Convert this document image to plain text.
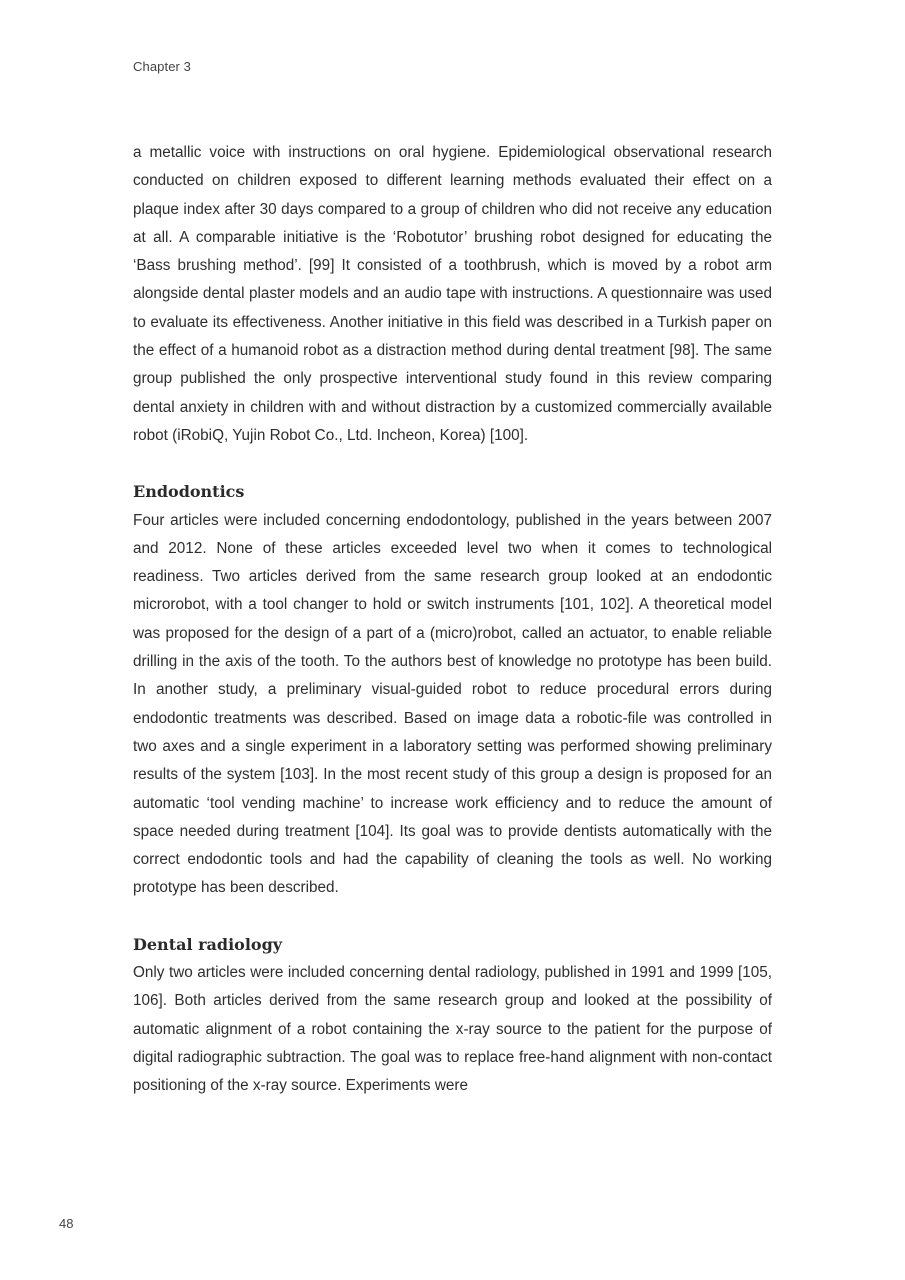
Chapter 3

a metallic voice with instructions on oral hygiene. Epidemiological observational research conducted on children exposed to different learning methods evaluated their effect on a plaque index after 30 days compared to a group of children who did not receive any education at all. A comparable initiative is the ‘Robotutor’ brushing robot designed for educating the ‘Bass brushing method’. [99] It consisted of a toothbrush, which is moved by a robot arm alongside dental plaster models and an audio tape with instructions. A questionnaire was used to evaluate its effectiveness. Another initiative in this field was described in a Turkish paper on the effect of a humanoid robot as a distraction method during dental treatment [98]. The same group published the only prospective interventional study found in this review comparing dental anxiety in children with and without distraction by a customized commercially available robot (iRobiQ, Yujin Robot Co., Ltd. Incheon, Korea) [100].

Endodontics

Four articles were included concerning endodontology, published in the years between 2007 and 2012. None of these articles exceeded level two when it comes to technological readiness. Two articles derived from the same research group looked at an endodontic microrobot, with a tool changer to hold or switch instruments [101, 102]. A theoretical model was proposed for the design of a part of a (micro)robot, called an actuator, to enable reliable drilling in the axis of the tooth. To the authors best of knowledge no prototype has been build. In another study, a preliminary visual-guided robot to reduce procedural errors during endodontic treatments was described. Based on image data a robotic-file was controlled in two axes and a single experiment in a laboratory setting was performed showing preliminary results of the system [103]. In the most recent study of this group a design is proposed for an automatic ‘tool vending machine’ to increase work efficiency and to reduce the amount of space needed during treatment [104]. Its goal was to provide dentists automatically with the correct endodontic tools and had the capability of cleaning the tools as well. No working prototype has been described.

Dental radiology

Only two articles were included concerning dental radiology, published in 1991 and 1999 [105, 106]. Both articles derived from the same research group and looked at the possibility of automatic alignment of a robot containing the x-ray source to the patient for the purpose of digital radiographic subtraction. The goal was to replace free-hand alignment with non-contact positioning of the x-ray source. Experiments were

48
